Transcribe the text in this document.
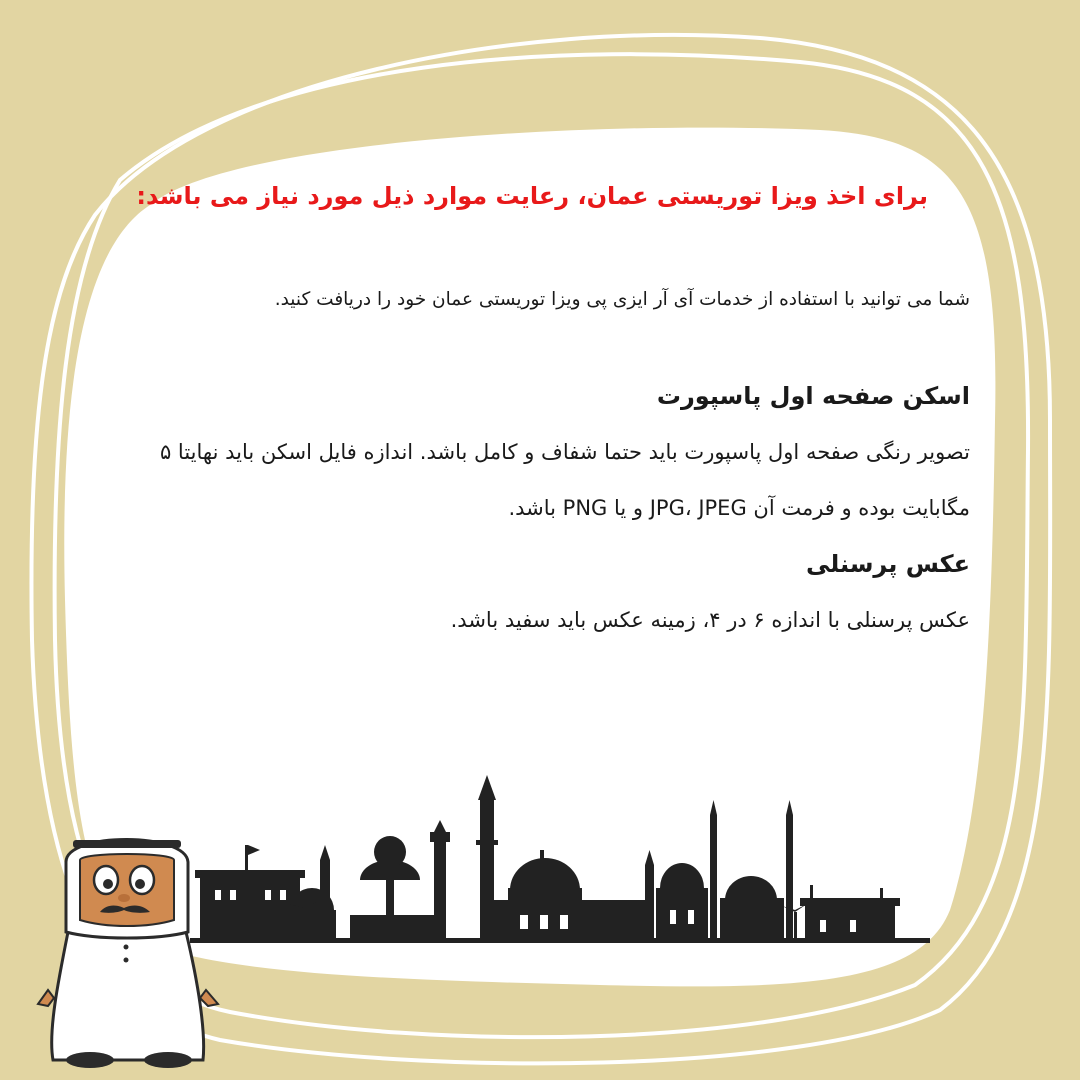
برای اخذ ویزا توریستی عمان، رعایت موارد ذیل مورد نیاز می باشد:

شما می توانید با استفاده از خدمات آی آر ایزی پی ویزا توریستی عمان خود را دریافت کنید.

اسکن صفحه اول پاسپورت

تصویر رنگی صفحه اول پاسپورت باید حتما شفاف و کامل باشد. اندازه فایل اسکن باید نهایتا ۵ مگابایت بوده و فرمت آن JPG، JPEG و یا PNG باشد.

عکس پرسنلی

عکس پرسنلی با اندازه ۶ در ۴، زمینه عکس باید سفید باشد.
